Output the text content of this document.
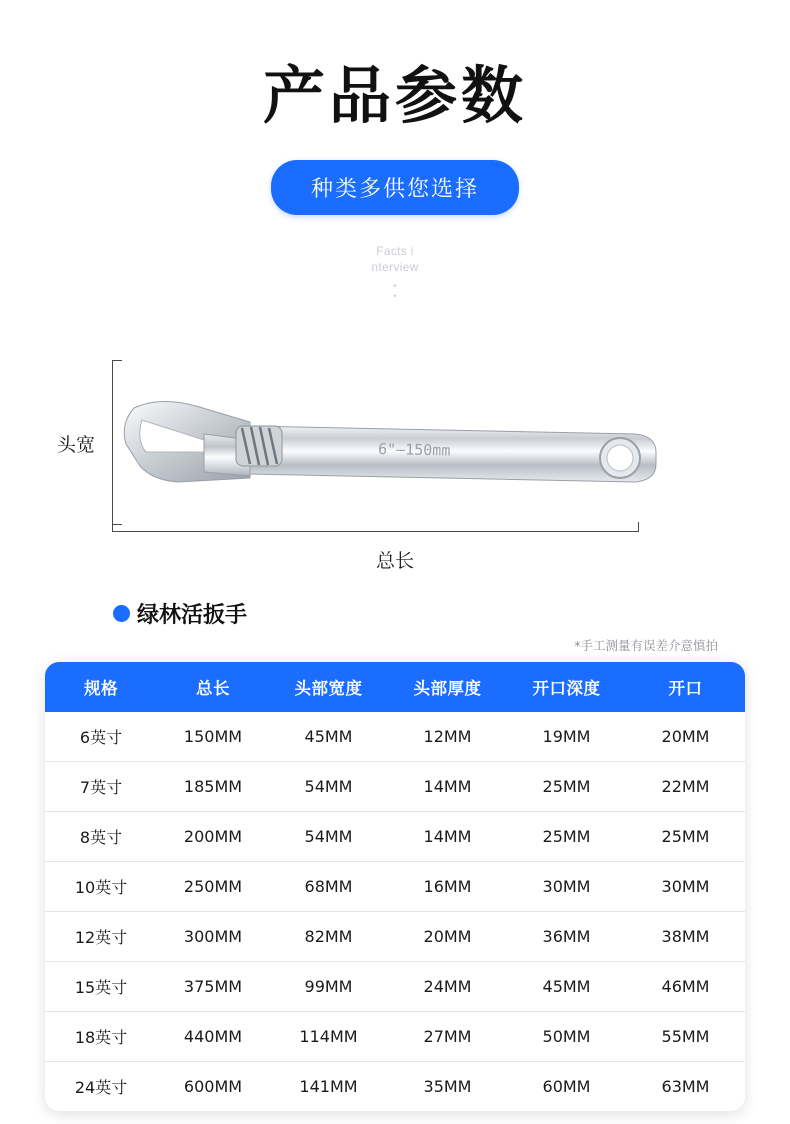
产品参数
种类多供您选择
Facts i
nterview
•
•
6"—150mm
头宽
总长
绿林活扳手
*手工测量有误差介意慎拍
规格	总长	头部宽度	头部厚度	开口深度	开口
6英寸	150MM	45MM	12MM	19MM	20MM
7英寸	185MM	54MM	14MM	25MM	22MM
8英寸	200MM	54MM	14MM	25MM	25MM
10英寸	250MM	68MM	16MM	30MM	30MM
12英寸	300MM	82MM	20MM	36MM	38MM
15英寸	375MM	99MM	24MM	45MM	46MM
18英寸	440MM	114MM	27MM	50MM	55MM
24英寸	600MM	141MM	35MM	60MM	63MM
